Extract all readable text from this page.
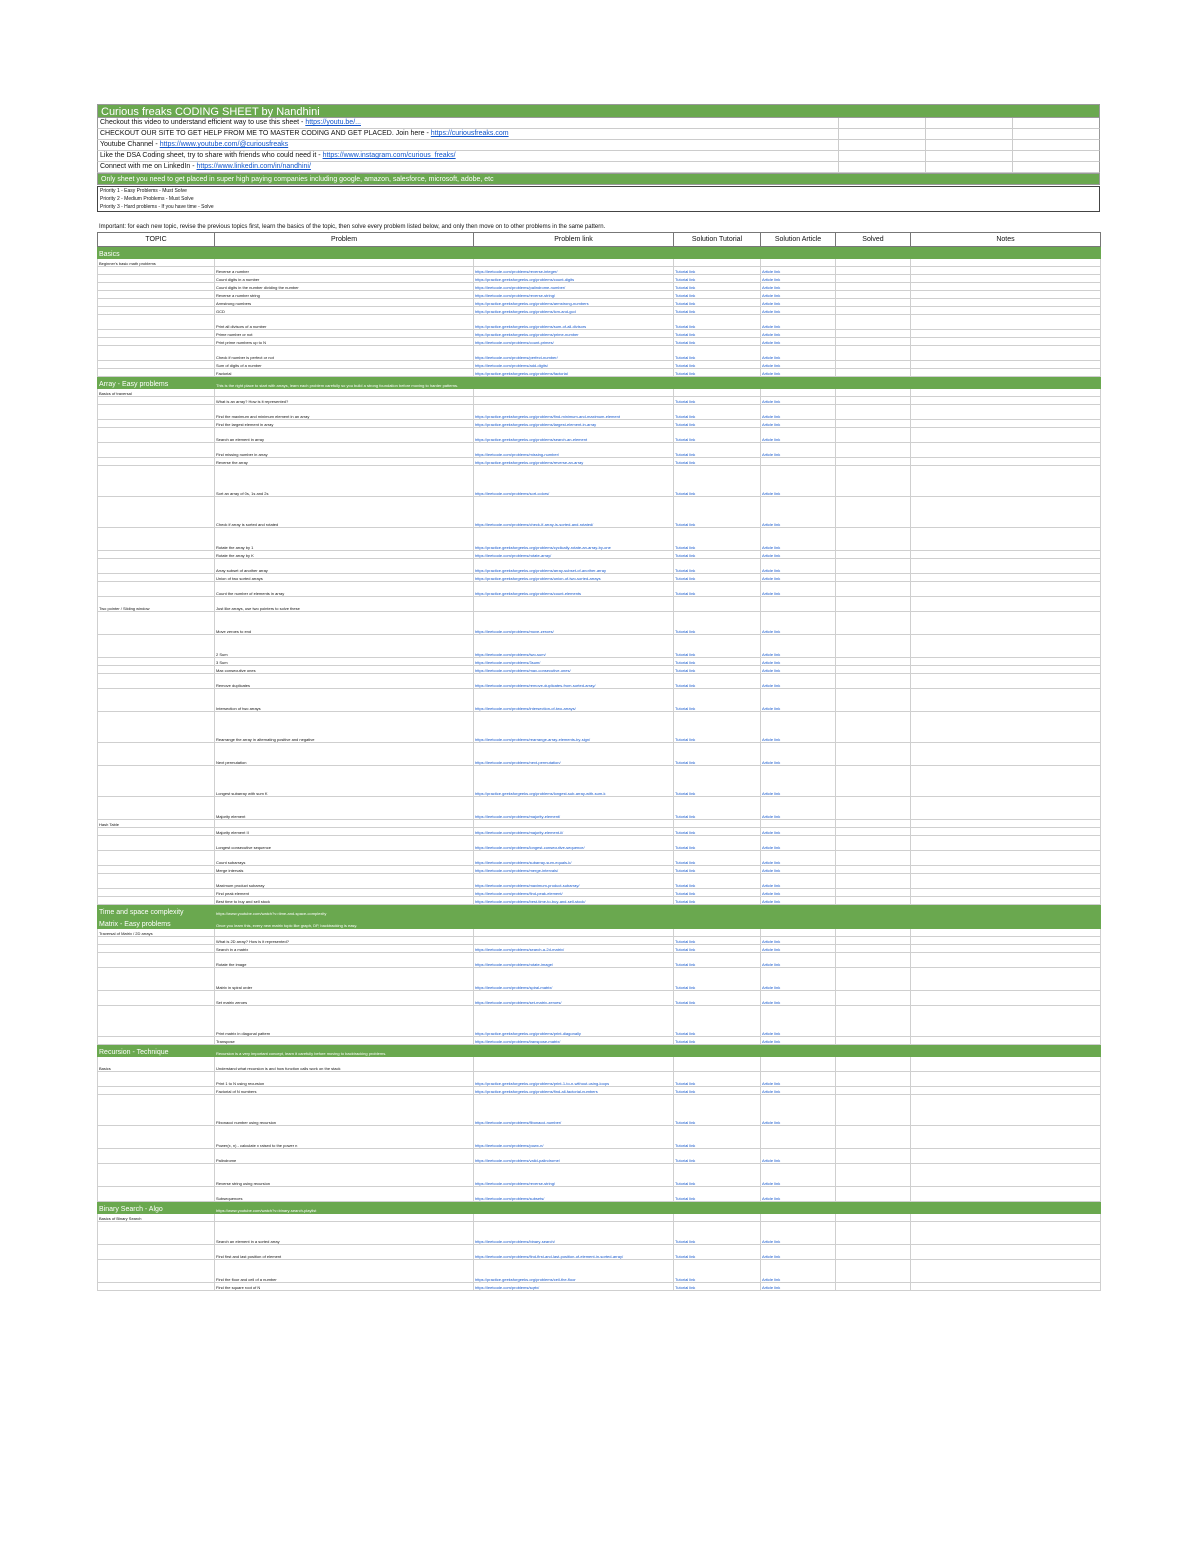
Curious freaks CODING SHEET by Nandhini
Checkout this video to understand efficient way to use this sheet - https://youtu.be/...
CHECKOUT OUR SITE TO GET HELP FROM ME TO MASTER CODING AND GET PLACED. Join here - https://curiousfreaks.com
Youtube Channel - https://www.youtube.com/@curiousfreaks
Like the DSA Coding sheet, try to share with friends who could need it - https://www.instagram.com/curious_freaks/
Connect with me on LinkedIn - https://www.linkedin.com/in/nandhini/
Only sheet you need to get placed in super high paying companies including google, amazon, salesforce, microsoft, adobe, etc
Priority 1 - Easy Problems - Must Solve
Priority 2 - Medium Problems - Must Solve
Priority 3 - Hard problems - If you have time - Solve
Important: for each new topic, revise the previous topics first, learn the basics of the topic, then solve every problem listed below, and only then move on to other problems in the same pattern.
TOPIC	Problem	Problem link	Solution Tutorial	Solution Article	Solved	Notes
Basics						
Beginner's basic math problems						
	Reverse a number	https://leetcode.com/problems/reverse-integer/	Tutorial link	Article link		
	Count digits in a number	https://practice.geeksforgeeks.org/problems/count-digits	Tutorial link	Article link		
	Count digits in the number dividing the number	https://leetcode.com/problems/palindrome-number/	Tutorial link	Article link		
	Reverse a number string	https://leetcode.com/problems/reverse-string/	Tutorial link	Article link		
	Armstrong numbers	https://practice.geeksforgeeks.org/problems/armstrong-numbers	Tutorial link	Article link		
	GCD	https://practice.geeksforgeeks.org/problems/lcm-and-gcd	Tutorial link	Article link		
	Print all divisors of a number	https://practice.geeksforgeeks.org/problems/sum-of-all-divisors	Tutorial link	Article link		
	Prime number or not	https://practice.geeksforgeeks.org/problems/prime-number	Tutorial link	Article link		
	Print prime numbers up to N	https://leetcode.com/problems/count-primes/	Tutorial link	Article link		
	Check if number is perfect or not	https://leetcode.com/problems/perfect-number/	Tutorial link	Article link		
	Sum of digits of a number	https://leetcode.com/problems/add-digits/	Tutorial link	Article link		
	Factorial	https://practice.geeksforgeeks.org/problems/factorial	Tutorial link	Article link		
Array - Easy problems	This is the right place to start with arrays, learn each problem carefully so you build a strong foundation before moving to harder patterns.					
Basics of traversal						
	What is an array? How is it represented?		Tutorial link	Article link		
	Find the maximum and minimum element in an array	https://practice.geeksforgeeks.org/problems/find-minimum-and-maximum-element	Tutorial link	Article link		
	Find the largest element in array	https://practice.geeksforgeeks.org/problems/largest-element-in-array	Tutorial link	Article link		
	Search an element in array	https://practice.geeksforgeeks.org/problems/search-an-element	Tutorial link	Article link		
	Find missing number in array	https://leetcode.com/problems/missing-number/	Tutorial link	Article link		
	Reverse the array	https://practice.geeksforgeeks.org/problems/reverse-an-array	Tutorial link			
	Sort an array of 0s, 1s and 2s	https://leetcode.com/problems/sort-colors/	Tutorial link	Article link		
	Check if array is sorted and rotated	https://leetcode.com/problems/check-if-array-is-sorted-and-rotated/	Tutorial link	Article link		
	Rotate the array by 1	https://practice.geeksforgeeks.org/problems/cyclically-rotate-an-array-by-one	Tutorial link	Article link		
	Rotate the array by K	https://leetcode.com/problems/rotate-array/	Tutorial link	Article link		
	Array subset of another array	https://practice.geeksforgeeks.org/problems/array-subset-of-another-array	Tutorial link	Article link		
	Union of two sorted arrays	https://practice.geeksforgeeks.org/problems/union-of-two-sorted-arrays	Tutorial link	Article link		
	Count the number of elements in array	https://practice.geeksforgeeks.org/problems/count-elements	Tutorial link	Article link		
Two pointer / Sliding window	Just like arrays, use two pointers to solve these					
	Move zeroes to end	https://leetcode.com/problems/move-zeroes/	Tutorial link	Article link		
	2 Sum	https://leetcode.com/problems/two-sum/	Tutorial link	Article link		
	3 Sum	https://leetcode.com/problems/3sum/	Tutorial link	Article link		
	Max consecutive ones	https://leetcode.com/problems/max-consecutive-ones/	Tutorial link	Article link		
	Remove duplicates	https://leetcode.com/problems/remove-duplicates-from-sorted-array/	Tutorial link	Article link		
	Intersection of two arrays	https://leetcode.com/problems/intersection-of-two-arrays/	Tutorial link	Article link		
	Rearrange the array in alternating positive and negative	https://leetcode.com/problems/rearrange-array-elements-by-sign/	Tutorial link	Article link		
	Next permutation	https://leetcode.com/problems/next-permutation/	Tutorial link	Article link		
	Longest subarray with sum K	https://practice.geeksforgeeks.org/problems/longest-sub-array-with-sum-k	Tutorial link	Article link		
	Majority element	https://leetcode.com/problems/majority-element/	Tutorial link	Article link		
Hash Table						
	Majority element II	https://leetcode.com/problems/majority-element-ii/	Tutorial link	Article link		
	Longest consecutive sequence	https://leetcode.com/problems/longest-consecutive-sequence/	Tutorial link	Article link		
	Count subarrays	https://leetcode.com/problems/subarray-sum-equals-k/	Tutorial link	Article link		
	Merge intervals	https://leetcode.com/problems/merge-intervals/	Tutorial link	Article link		
	Maximum product subarray	https://leetcode.com/problems/maximum-product-subarray/	Tutorial link	Article link		
	Find peak element	https://leetcode.com/problems/find-peak-element/	Tutorial link	Article link		
	Best time to buy and sell stock	https://leetcode.com/problems/best-time-to-buy-and-sell-stock/	Tutorial link	Article link		
Time and space complexity	https://www.youtube.com/watch?v=time-and-space-complexity					
Matrix - Easy problems	Once you learn this, every new matrix topic like graph, DP, backtracking is easy.					
Traversal of Matrix / 2D arrays						
	What is 2D array? How is it represented?		Tutorial link	Article link		
	Search in a matrix	https://leetcode.com/problems/search-a-2d-matrix/	Tutorial link	Article link		
	Rotate the image	https://leetcode.com/problems/rotate-image/	Tutorial link	Article link		
	Matrix in spiral order	https://leetcode.com/problems/spiral-matrix/	Tutorial link	Article link		
	Set matrix zeroes	https://leetcode.com/problems/set-matrix-zeroes/	Tutorial link	Article link		
	Print matrix in diagonal pattern	https://practice.geeksforgeeks.org/problems/print-diagonally	Tutorial link	Article link		
	Transpose	https://leetcode.com/problems/transpose-matrix/	Tutorial link	Article link		
Recursion - Technique	Recursion is a very important concept, learn it carefully before moving to backtracking problems.					
Basics	Understand what recursion is and how function calls work on the stack					
	Print 1 to N using recursion	https://practice.geeksforgeeks.org/problems/print-1-to-n-without-using-loops	Tutorial link	Article link		
	Factorial of N numbers	https://practice.geeksforgeeks.org/problems/find-all-factorial-numbers	Tutorial link	Article link		
	Fibonacci number using recursion	https://leetcode.com/problems/fibonacci-number/	Tutorial link	Article link		
	Power(x, n) - calculate x raised to the power n	https://leetcode.com/problems/powx-n/	Tutorial link			
	Palindrome	https://leetcode.com/problems/valid-palindrome/	Tutorial link	Article link		
	Reverse string using recursion	https://leetcode.com/problems/reverse-string/	Tutorial link	Article link		
	Subsequences	https://leetcode.com/problems/subsets/	Tutorial link	Article link		
Binary Search - Algo	https://www.youtube.com/watch?v=binary-search-playlist					
Basics of Binary Search						
	Search an element in a sorted array	https://leetcode.com/problems/binary-search/	Tutorial link	Article link		
	Find first and last position of element	https://leetcode.com/problems/find-first-and-last-position-of-element-in-sorted-array/	Tutorial link	Article link		
	Find the floor and ceil of a number	https://practice.geeksforgeeks.org/problems/ceil-the-floor	Tutorial link	Article link		
	Find the square root of N	https://leetcode.com/problems/sqrtx/	Tutorial link	Article link		
